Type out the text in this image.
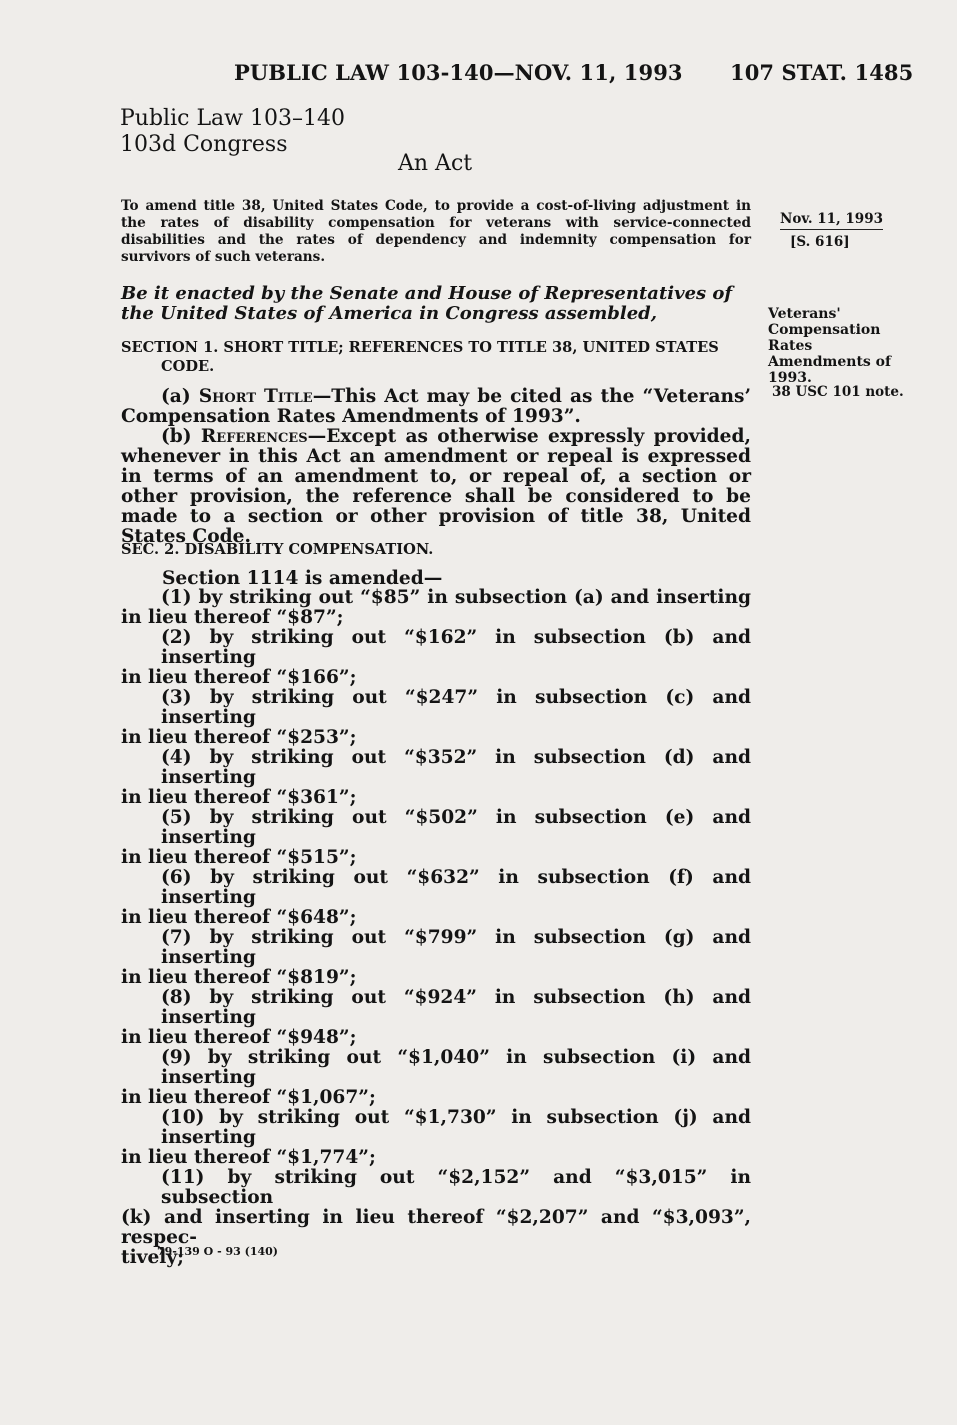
PUBLIC LAW 103-140—NOV. 11, 1993 107 STAT. 1485
Public Law 103–140
103d Congress
An Act
To amend title 38, United States Code, to provide a cost-of-living adjustment in the rates of disability compensation for veterans with service-connected disabilities and the rates of dependency and indemnity compensation for survivors of such veterans.
Nov. 11, 1993
[S. 616]
Be it enacted by the Senate and House of Representatives of the United States of America in Congress assembled,	Veterans'
Compensation
Rates
Amendments of
1993.
38 USC 101 note.
SECTION 1. SHORT TITLE; REFERENCES TO TITLE 38, UNITED STATES
CODE.
(a) Short Title—This Act may be cited as the “Veterans’ Compensation Rates Amendments of 1993”.
(b) References—Except as otherwise expressly provided, whenever in this Act an amendment or repeal is expressed in terms of an amendment to, or repeal of, a section or other provision, the reference shall be considered to be made to a section or other provision of title 38, United States Code.
SEC. 2. DISABILITY COMPENSATION.
Section 1114 is amended—
(1) by striking out “$85” in subsection (a) and inserting
in lieu thereof “$87”;
(2) by striking out “$162” in subsection (b) and inserting
in lieu thereof “$166”;
(3) by striking out “$247” in subsection (c) and inserting
in lieu thereof “$253”;
(4) by striking out “$352” in subsection (d) and inserting
in lieu thereof “$361”;
(5) by striking out “$502” in subsection (e) and inserting
in lieu thereof “$515”;
(6) by striking out “$632” in subsection (f) and inserting
in lieu thereof “$648”;
(7) by striking out “$799” in subsection (g) and inserting
in lieu thereof “$819”;
(8) by striking out “$924” in subsection (h) and inserting
in lieu thereof “$948”;
(9) by striking out “$1,040” in subsection (i) and inserting
in lieu thereof “$1,067”;
(10) by striking out “$1,730” in subsection (j) and inserting
in lieu thereof “$1,774”;
(11) by striking out “$2,152” and “$3,015” in subsection
(k) and inserting in lieu thereof “$2,207” and “$3,093”, respec-
tively;
79-139 O - 93 (140)
